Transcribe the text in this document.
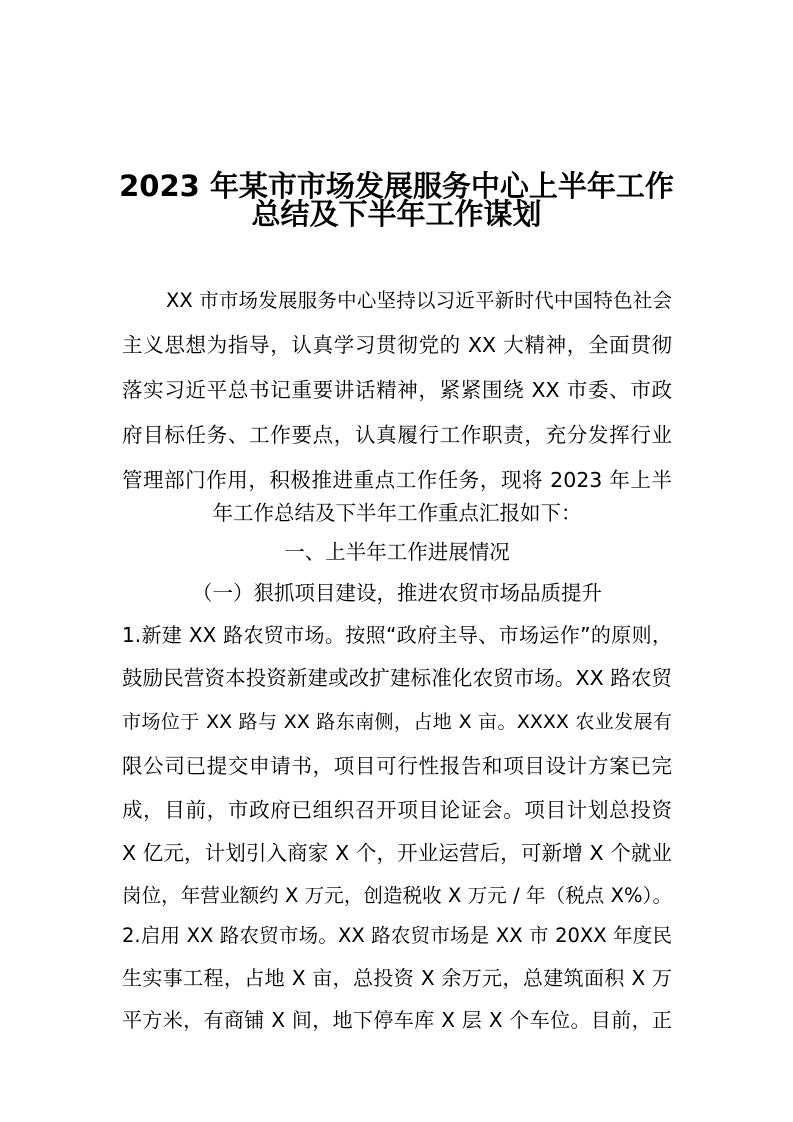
2023 年某市市场发展服务中心上半年工作
总结及下半年工作谋划
XX 市市场发展服务中心坚持以习近平新时代中国特色社会
主义思想为指导，认真学习贯彻党的 XX 大精神，全面贯彻
落实习近平总书记重要讲话精神，紧紧围绕 XX 市委、市政
府目标任务、工作要点，认真履行工作职责，充分发挥行业
管理部门作用，积极推进重点工作任务，现将 2023 年上半
年工作总结及下半年工作重点汇报如下：
一、上半年工作进展情况
（一）狠抓项目建设，推进农贸市场品质提升
1.新建 XX 路农贸市场。按照“政府主导、市场运作”的原则，
鼓励民营资本投资新建或改扩建标准化农贸市场。XX 路农贸
市场位于 XX 路与 XX 路东南侧，占地 X 亩。XXXX 农业发展有
限公司已提交申请书，项目可行性报告和项目设计方案已完
成，目前，市政府已组织召开项目论证会。项目计划总投资
X 亿元，计划引入商家 X 个，开业运营后，可新增 X 个就业
岗位，年营业额约 X 万元，创造税收 X 万元 / 年（税点 X%）。
2.启用 XX 路农贸市场。XX 路农贸市场是 XX 市 20XX 年度民
生实事工程，占地 X 亩，总投资 X 余万元，总建筑面积 X 万
平方米，有商铺 X 间，地下停车库 X 层 X 个车位。目前，正
